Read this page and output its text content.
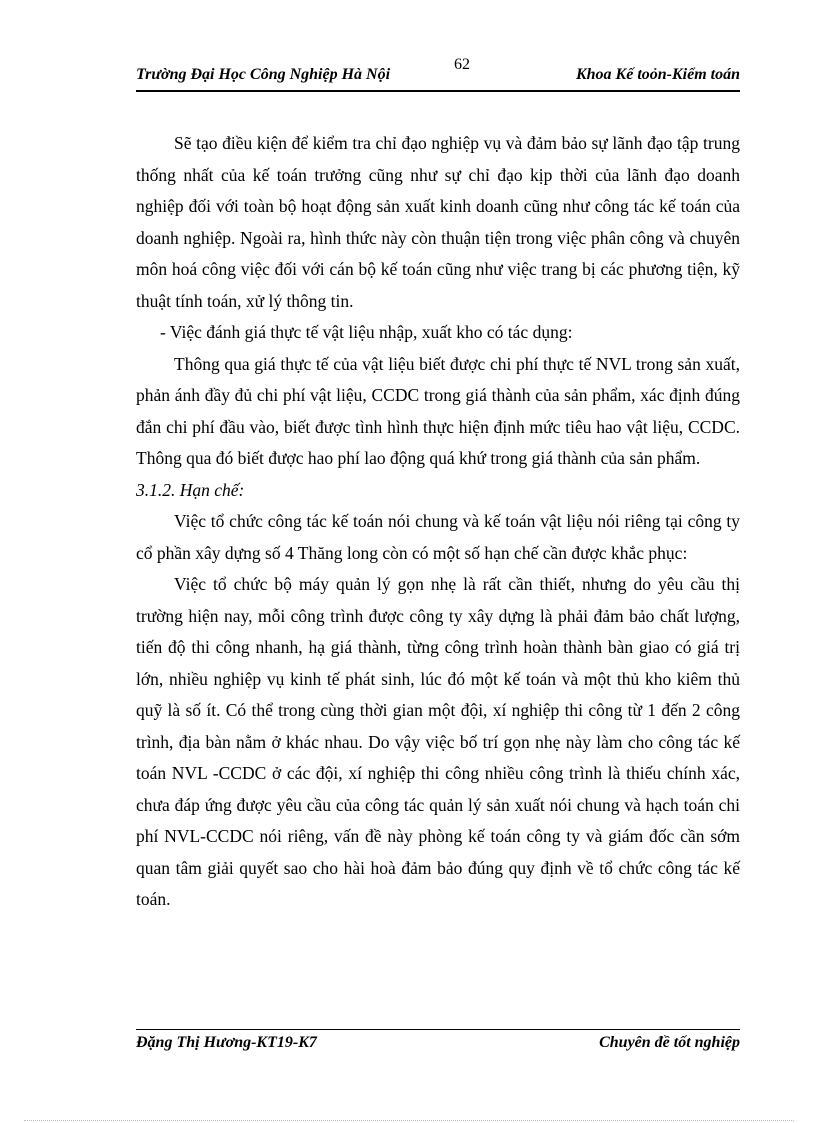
Trường Đại Học Công Nghiệp Hà Nội
62
Khoa Kế toỏn-Kiểm toán

Sẽ tạo điều kiện để kiểm tra chỉ đạo nghiệp vụ và đảm bảo sự lãnh đạo tập trung thống nhất của kế toán trưởng cũng như sự chỉ đạo kịp thời của lãnh đạo doanh nghiệp đối với toàn bộ hoạt động sản xuất kinh doanh cũng như công tác kế toán của doanh nghiệp. Ngoài ra, hình thức này còn thuận tiện trong việc phân công và chuyên môn hoá công việc đối với cán bộ kế toán cũng như việc trang bị các phương tiện, kỹ thuật tính toán, xử lý thông tin.

- Việc đánh giá thực tế vật liệu nhập, xuất kho có tác dụng:

Thông qua giá thực tế của vật liệu biết được chi phí thực tế NVL trong sản xuất, phản ánh đầy đủ chi phí vật liệu, CCDC trong giá thành của sản phẩm, xác định đúng đắn chi phí đầu vào, biết được tình hình thực hiện định mức tiêu hao vật liệu, CCDC. Thông qua đó biết được hao phí lao động quá khứ trong giá thành của sản phẩm.

3.1.2. Hạn chế:

Việc tổ chức công tác kế toán nói chung và kế toán vật liệu nói riêng tại công ty cổ phần xây dựng số 4 Thăng long còn có một số hạn chế cần được khắc phục:

Việc tổ chức bộ máy quản lý gọn nhẹ là rất cần thiết, nhưng do yêu cầu thị trường hiện nay, mỗi công trình được công ty xây dựng là phải đảm bảo chất lượng, tiến độ thi công nhanh, hạ giá thành, từng công trình hoàn thành bàn giao có giá trị lớn, nhiều nghiệp vụ kinh tế phát sinh, lúc đó một kế toán và một thủ kho kiêm thủ quỹ là số ít. Có thể trong cùng thời gian một đội, xí nghiệp thi công từ 1 đến 2 công trình, địa bàn nằm ở khác nhau. Do vậy việc bố trí gọn nhẹ này làm cho công tác kế toán NVL -CCDC ở các đội, xí nghiệp thi công nhiều công trình là thiếu chính xác, chưa đáp ứng được yêu cầu của công tác quản lý sản xuất nói chung và hạch toán chi phí NVL-CCDC nói riêng, vấn đề này phòng kế toán công ty và giám đốc cần sớm quan tâm giải quyết sao cho hài hoà đảm bảo đúng quy định về tổ chức công tác kế toán.

Đặng Thị Hương-KT19-K7	Chuyên đề tốt nghiệp
